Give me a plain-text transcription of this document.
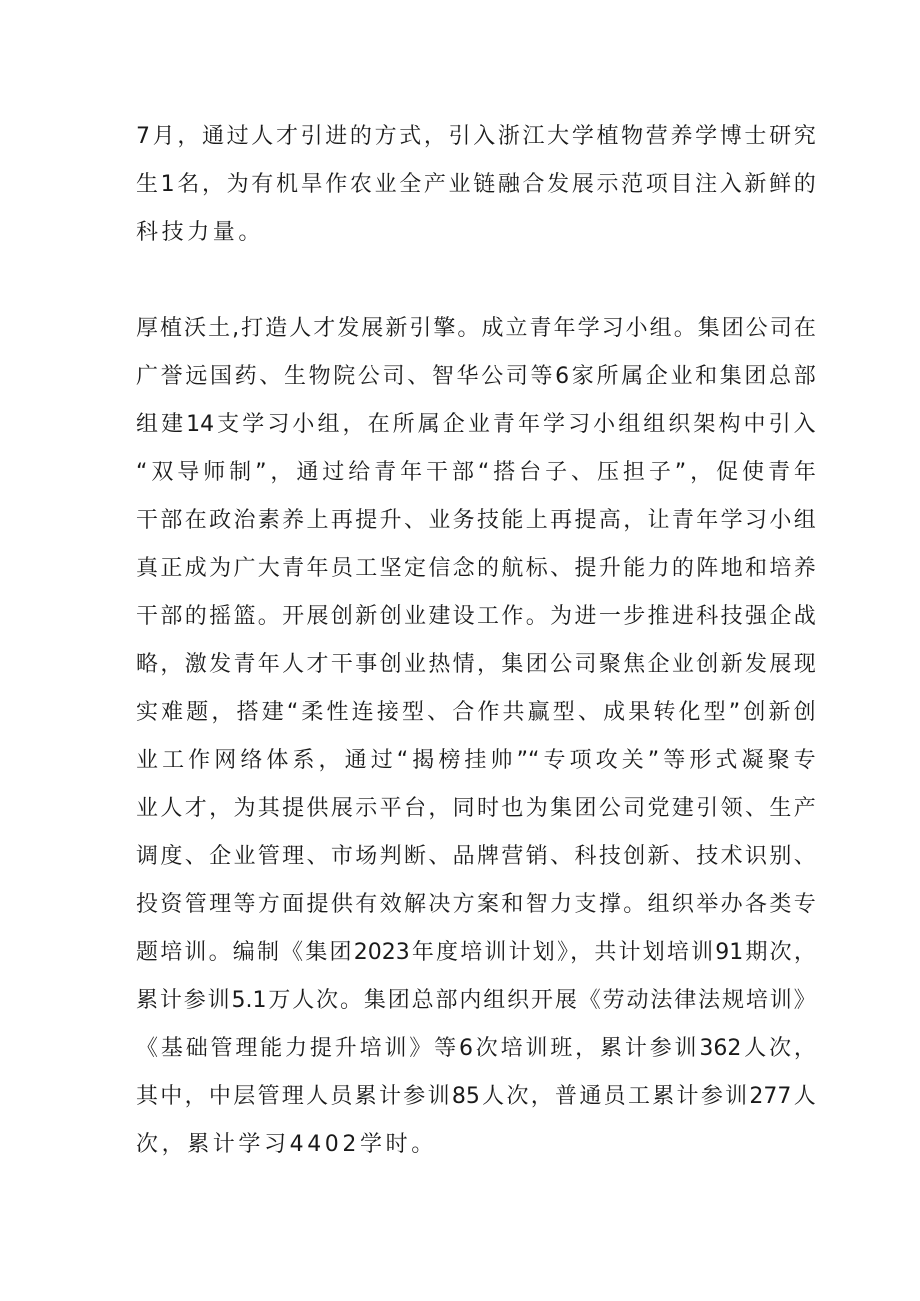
7月，通过人才引进的方式，引入浙江大学植物营养学博士研究
生1名，为有机旱作农业全产业链融合发展示范项目注入新鲜的
科技力量。
厚植沃土,打造人才发展新引擎。成立青年学习小组。集团公司在
广誉远国药、生物院公司、智华公司等6家所属企业和集团总部
组建14支学习小组，在所属企业青年学习小组组织架构中引入
“双导师制”，通过给青年干部“搭台子、压担子”，促使青年
干部在政治素养上再提升、业务技能上再提高，让青年学习小组
真正成为广大青年员工坚定信念的航标、提升能力的阵地和培养
干部的摇篮。开展创新创业建设工作。为进一步推进科技强企战
略，激发青年人才干事创业热情，集团公司聚焦企业创新发展现
实难题，搭建“柔性连接型、合作共赢型、成果转化型”创新创
业工作网络体系，通过“揭榜挂帅”“专项攻关”等形式凝聚专
业人才，为其提供展示平台，同时也为集团公司党建引领、生产
调度、企业管理、市场判断、品牌营销、科技创新、技术识别、
投资管理等方面提供有效解决方案和智力支撑。组织举办各类专
题培训。编制《集团2023年度培训计划》，共计划培训91期次，
累计参训5.1万人次。集团总部内组织开展《劳动法律法规培训》
《基础管理能力提升培训》等6次培训班，累计参训362人次，
其中，中层管理人员累计参训85人次，普通员工累计参训277人
次，累计学习4402学时。
